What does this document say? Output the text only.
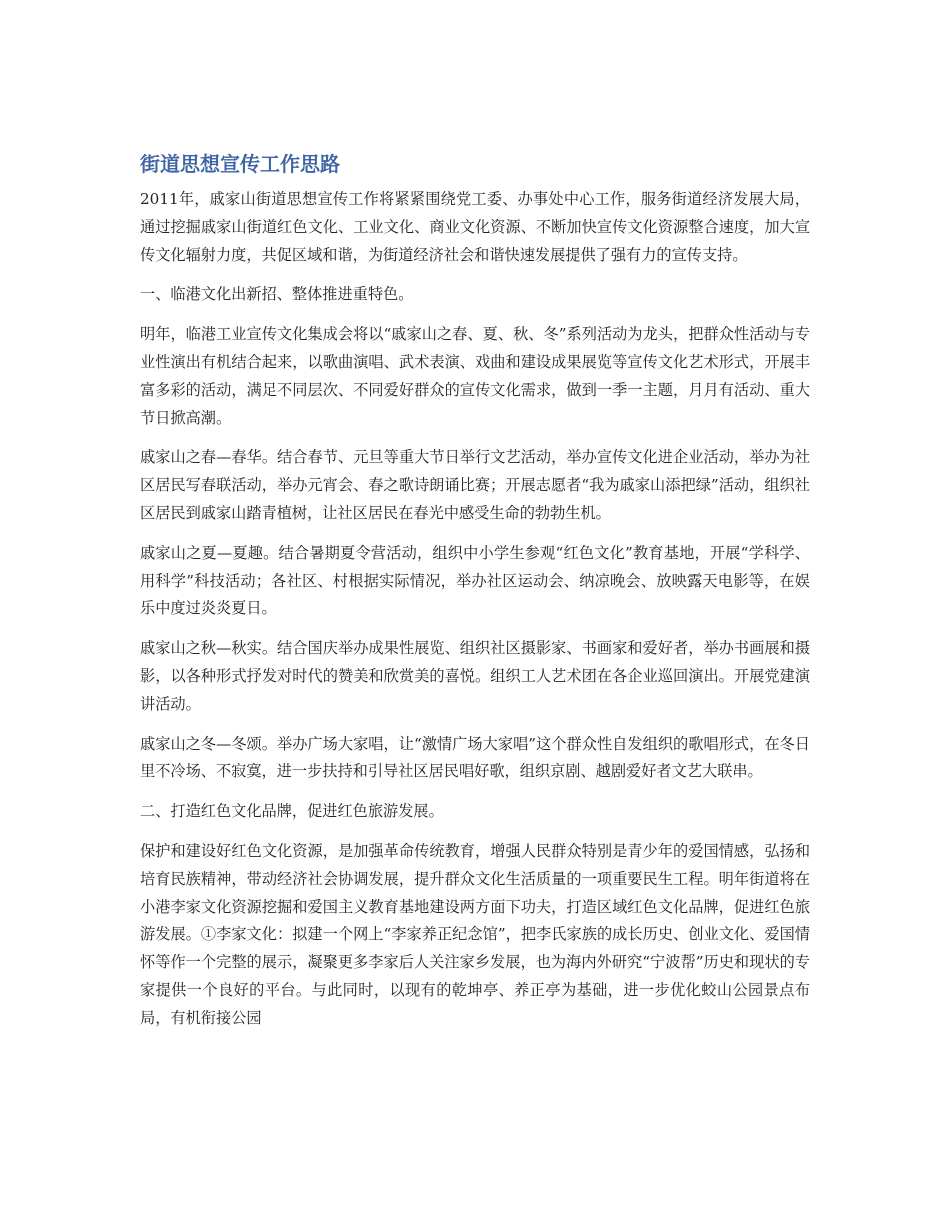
街道思想宣传工作思路

2011年，戚家山街道思想宣传工作将紧紧围绕党工委、办事处中心工作，服务街道经济发展大局，通过挖掘戚家山街道红色文化、工业文化、商业文化资源、不断加快宣传文化资源整合速度，加大宣传文化辐射力度，共促区域和谐，为街道经济社会和谐快速发展提供了强有力的宣传支持。

一、临港文化出新招、整体推进重特色。

明年，临港工业宣传文化集成会将以“戚家山之春、夏、秋、冬”系列活动为龙头，把群众性活动与专业性演出有机结合起来，以歌曲演唱、武术表演、戏曲和建设成果展览等宣传文化艺术形式，开展丰富多彩的活动，满足不同层次、不同爱好群众的宣传文化需求，做到一季一主题，月月有活动、重大节日掀高潮。

戚家山之春—春华。结合春节、元旦等重大节日举行文艺活动，举办宣传文化进企业活动，举办为社区居民写春联活动，举办元宵会、春之歌诗朗诵比赛；开展志愿者“我为戚家山添把绿”活动，组织社区居民到戚家山踏青植树，让社区居民在春光中感受生命的勃勃生机。

戚家山之夏—夏趣。结合暑期夏令营活动，组织中小学生参观“红色文化”教育基地，开展“学科学、用科学”科技活动；各社区、村根据实际情况，举办社区运动会、纳凉晚会、放映露天电影等，在娱乐中度过炎炎夏日。

戚家山之秋—秋实。结合国庆举办成果性展览、组织社区摄影家、书画家和爱好者，举办书画展和摄影，以各种形式抒发对时代的赞美和欣赏美的喜悦。组织工人艺术团在各企业巡回演出。开展党建演讲活动。

戚家山之冬—冬颂。举办广场大家唱，让“激情广场大家唱”这个群众性自发组织的歌唱形式，在冬日里不冷场、不寂寞，进一步扶持和引导社区居民唱好歌，组织京剧、越剧爱好者文艺大联串。

二、打造红色文化品牌，促进红色旅游发展。

保护和建设好红色文化资源，是加强革命传统教育，增强人民群众特别是青少年的爱国情感，弘扬和培育民族精神，带动经济社会协调发展，提升群众文化生活质量的一项重要民生工程。明年街道将在小港李家文化资源挖掘和爱国主义教育基地建设两方面下功夫，打造区域红色文化品牌，促进红色旅游发展。①李家文化：拟建一个网上“李家养正纪念馆”，把李氏家族的成长历史、创业文化、爱国情怀等作一个完整的展示，凝聚更多李家后人关注家乡发展，也为海内外研究“宁波帮”历史和现状的专家提供一个良好的平台。与此同时，以现有的乾坤亭、养正亭为基础，进一步优化蛟山公园景点布局，有机衔接公园
